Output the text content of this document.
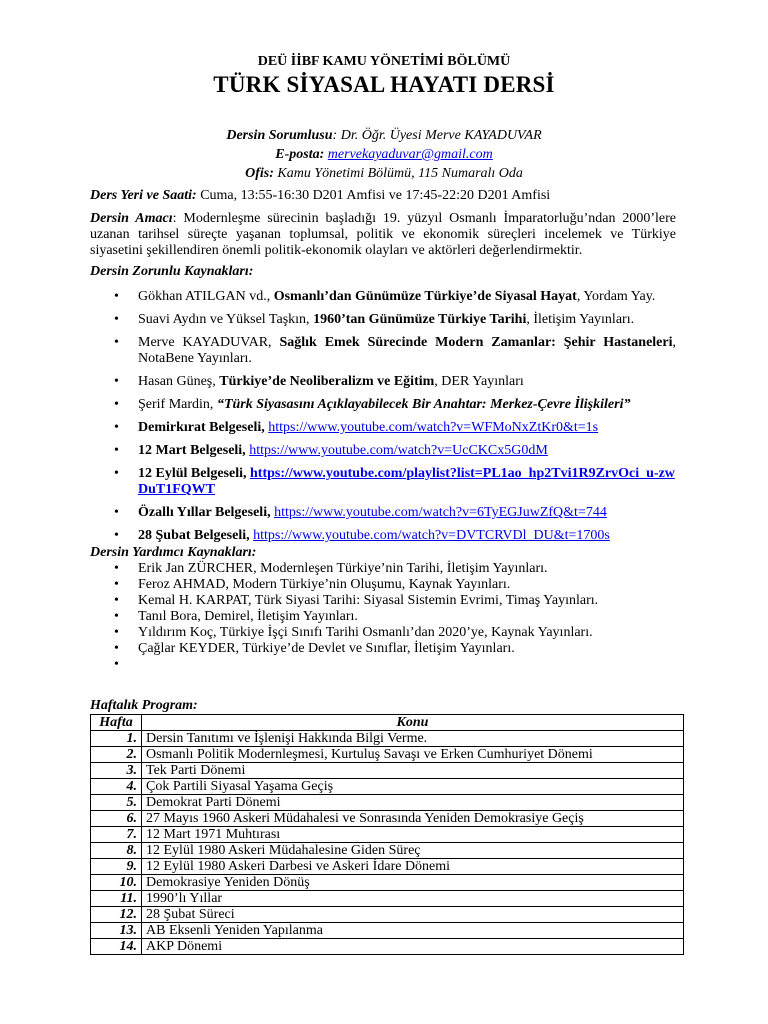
DEÜ İİBF KAMU YÖNETİMİ BÖLÜMÜ
TÜRK SİYASAL HAYATI DERSİ
Dersin Sorumlusu: Dr. Öğr. Üyesi Merve KAYADUVAR
E-posta: mervekayaduvar@gmail.com
Ofis: Kamu Yönetimi Bölümü, 115 Numaralı Oda
Ders Yeri ve Saati: Cuma, 13:55-16:30 D201 Amfisi ve 17:45-22:20 D201 Amfisi
Dersin Amacı: Modernleşme sürecinin başladığı 19. yüzyıl Osmanlı İmparatorluğu’ndan 2000’lere uzanan tarihsel süreçte yaşanan toplumsal, politik ve ekonomik süreçleri incelemek ve Türkiye siyasetini şekillendiren önemli politik-ekonomik olayları ve aktörleri değerlendirmektir.
Dersin Zorunlu Kaynakları:
• Gökhan ATILGAN vd., Osmanlı’dan Günümüze Türkiye’de Siyasal Hayat, Yordam Yay.
• Suavi Aydın ve Yüksel Taşkın, 1960’tan Günümüze Türkiye Tarihi, İletişim Yayınları.
• Merve KAYADUVAR, Sağlık Emek Sürecinde Modern Zamanlar: Şehir Hastaneleri, NotaBene Yayınları.
• Hasan Güneş, Türkiye’de Neoliberalizm ve Eğitim, DER Yayınları
• Şerif Mardin, “Türk Siyasasını Açıklayabilecek Bir Anahtar: Merkez-Çevre İlişkileri”
• Demirkırat Belgeseli, https://www.youtube.com/watch?v=WFMoNxZtKr0&t=1s
• 12 Mart Belgeseli, https://www.youtube.com/watch?v=UcCKCx5G0dM
• 12 Eylül Belgeseli, https://www.youtube.com/playlist?list=PL1ao_hp2Tvi1R9ZrvOci_u-zwDuT1FQWT
• Özallı Yıllar Belgeseli, https://www.youtube.com/watch?v=6TyEGJuwZfQ&t=744
• 28 Şubat Belgeseli, https://www.youtube.com/watch?v=DVTCRVDl_DU&t=1700s
Dersin Yardımcı Kaynakları:
• Erik Jan ZÜRCHER, Modernleşen Türkiye’nin Tarihi, İletişim Yayınları.
• Feroz AHMAD, Modern Türkiye’nin Oluşumu, Kaynak Yayınları.
• Kemal H. KARPAT, Türk Siyasi Tarihi: Siyasal Sistemin Evrimi, Timaş Yayınları.
• Tanıl Bora, Demirel, İletişim Yayınları.
• Yıldırım Koç, Türkiye İşçi Sınıfı Tarihi Osmanlı’dan 2020’ye, Kaynak Yayınları.
• Çağlar KEYDER, Türkiye’de Devlet ve Sınıflar, İletişim Yayınları.
•
Haftalık Program:
Hafta	Konu
1.	Dersin Tanıtımı ve İşlenişi Hakkında Bilgi Verme.
2.	Osmanlı Politik Modernleşmesi, Kurtuluş Savaşı ve Erken Cumhuriyet Dönemi
3.	Tek Parti Dönemi
4.	Çok Partili Siyasal Yaşama Geçiş
5.	Demokrat Parti Dönemi
6.	27 Mayıs 1960 Askeri Müdahalesi ve Sonrasında Yeniden Demokrasiye Geçiş
7.	12 Mart 1971 Muhtırası
8.	12 Eylül 1980 Askeri Müdahalesine Giden Süreç
9.	12 Eylül 1980 Askeri Darbesi ve Askeri İdare Dönemi
10.	Demokrasiye Yeniden Dönüş
11.	1990’lı Yıllar
12.	28 Şubat Süreci
13.	AB Eksenli Yeniden Yapılanma
14.	AKP Dönemi
